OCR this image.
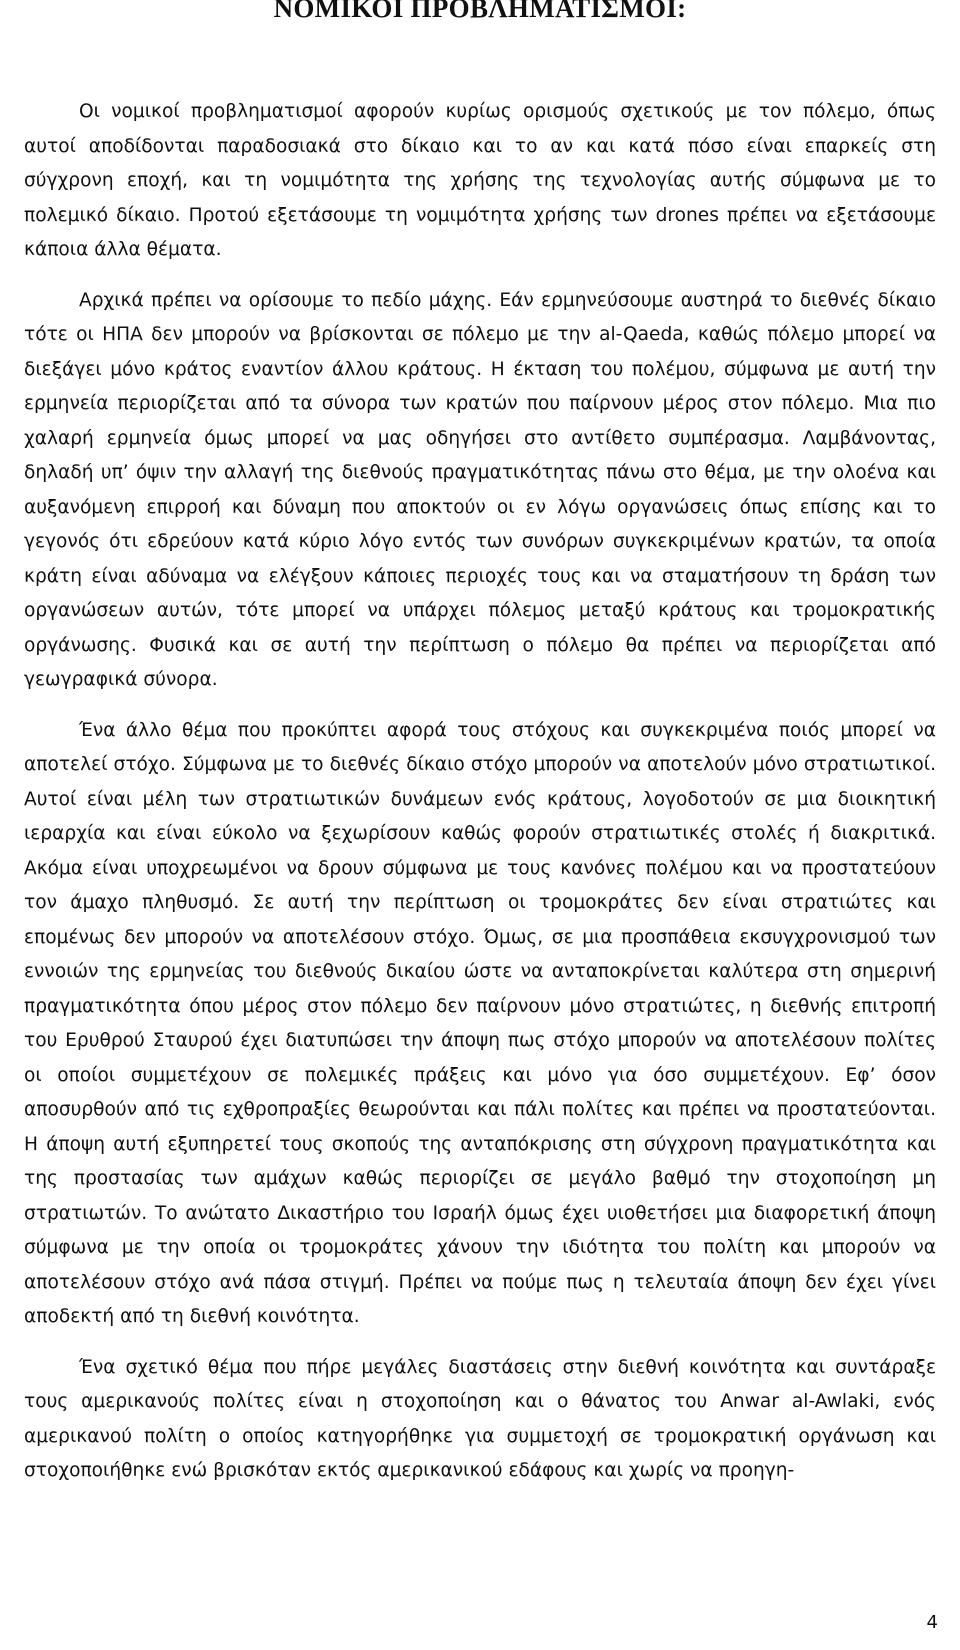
ΝΟΜΙΚΟΙ ΠΡΟΒΛΗΜΑΤΙΣΜΟΙ:

Οι νομικοί προβληματισμοί αφορούν κυρίως ορισμούς σχετικούς με τον πόλεμο, όπως αυτοί αποδίδονται παραδοσιακά στο δίκαιο και το αν και κατά πόσο είναι επαρκείς στη σύγχρονη εποχή, και τη νομιμότητα της χρήσης της τεχνολογίας αυτής σύμφωνα με το πολεμικό δίκαιο. Προτού εξετάσουμε τη νομιμότητα χρήσης των drones πρέπει να εξετάσουμε κάποια άλλα θέματα.

Αρχικά πρέπει να ορίσουμε το πεδίο μάχης. Εάν ερμηνεύσουμε αυστηρά το διεθνές δίκαιο τότε οι ΗΠΑ δεν μπορούν να βρίσκονται σε πόλεμο με την al-Qaeda, καθώς πόλεμο μπορεί να διεξάγει μόνο κράτος εναντίον άλλου κράτους. Η έκταση του πολέμου, σύμφωνα με αυτή την ερμηνεία περιορίζεται από τα σύνορα των κρατών που παίρνουν μέρος στον πόλεμο. Μια πιο χαλαρή ερμηνεία όμως μπορεί να μας οδηγήσει στο αντίθετο συμπέρασμα. Λαμβάνοντας, δηλαδή υπ’ όψιν την αλλαγή της διεθνούς πραγματικότητας πάνω στο θέμα, με την ολοένα και αυξανόμενη επιρροή και δύναμη που αποκτούν οι εν λόγω οργανώσεις όπως επίσης και το γεγονός ότι εδρεύουν κατά κύριο λόγο εντός των συνόρων συγκεκριμένων κρατών, τα οποία κράτη είναι αδύναμα να ελέγξουν κάποιες περιοχές τους και να σταματήσουν τη δράση των οργανώσεων αυτών, τότε μπορεί να υπάρχει πόλεμος μεταξύ κράτους και τρομοκρατικής οργάνωσης. Φυσικά και σε αυτή την περίπτωση ο πόλεμο θα πρέπει να περιορίζεται από γεωγραφικά σύνορα.

Ένα άλλο θέμα που προκύπτει αφορά τους στόχους και συγκεκριμένα ποιός μπορεί να αποτελεί στόχο. Σύμφωνα με το διεθνές δίκαιο στόχο μπορούν να αποτελούν μόνο στρατιωτικοί. Αυτοί είναι μέλη των στρατιωτικών δυνάμεων ενός κράτους, λογοδοτούν σε μια διοικητική ιεραρχία και είναι εύκολο να ξεχωρίσουν καθώς φορούν στρατιωτικές στολές ή διακριτικά. Ακόμα είναι υποχρεωμένοι να δρουν σύμφωνα με τους κανόνες πολέμου και να προστατεύουν τον άμαχο πληθυσμό. Σε αυτή την περίπτωση οι τρομοκράτες δεν είναι στρατιώτες και επομένως δεν μπορούν να αποτελέσουν στόχο. Όμως, σε μια προσπάθεια εκσυγχρονισμού των εννοιών της ερμηνείας του διεθνούς δικαίου ώστε να ανταποκρίνεται καλύτερα στη σημερινή πραγματικότητα όπου μέρος στον πόλεμο δεν παίρνουν μόνο στρατιώτες, η διεθνής επιτροπή του Ερυθρού Σταυρού έχει διατυπώσει την άποψη πως στόχο μπορούν να αποτελέσουν πολίτες οι οποίοι συμμετέχουν σε πολεμικές πράξεις και μόνο για όσο συμμετέχουν. Εφ’ όσον αποσυρθούν από τις εχθροπραξίες θεωρούνται και πάλι πολίτες και πρέπει να προστατεύονται. Η άποψη αυτή εξυπηρετεί τους σκοπούς της ανταπόκρισης στη σύγχρονη πραγματικότητα και της προστασίας των αμάχων καθώς περιορίζει σε μεγάλο βαθμό την στοχοποίηση μη στρατιωτών. Το ανώτατο Δικαστήριο του Ισραήλ όμως έχει υιοθετήσει μια διαφορετική άποψη σύμφωνα με την οποία οι τρομοκράτες χάνουν την ιδιότητα του πολίτη και μπορούν να αποτελέσουν στόχο ανά πάσα στιγμή. Πρέπει να πούμε πως η τελευταία άποψη δεν έχει γίνει αποδεκτή από τη διεθνή κοινότητα.

Ένα σχετικό θέμα που πήρε μεγάλες διαστάσεις στην διεθνή κοινότητα και συντάραξε τους αμερικανούς πολίτες είναι η στοχοποίηση και ο θάνατος του Anwar al-Awlaki, ενός αμερικανού πολίτη ο οποίος κατηγορήθηκε για συμμετοχή σε τρομοκρατική οργάνωση και στοχοποιήθηκε ενώ βρισκόταν εκτός αμερικανικού εδάφους και χωρίς να προηγη-

4
